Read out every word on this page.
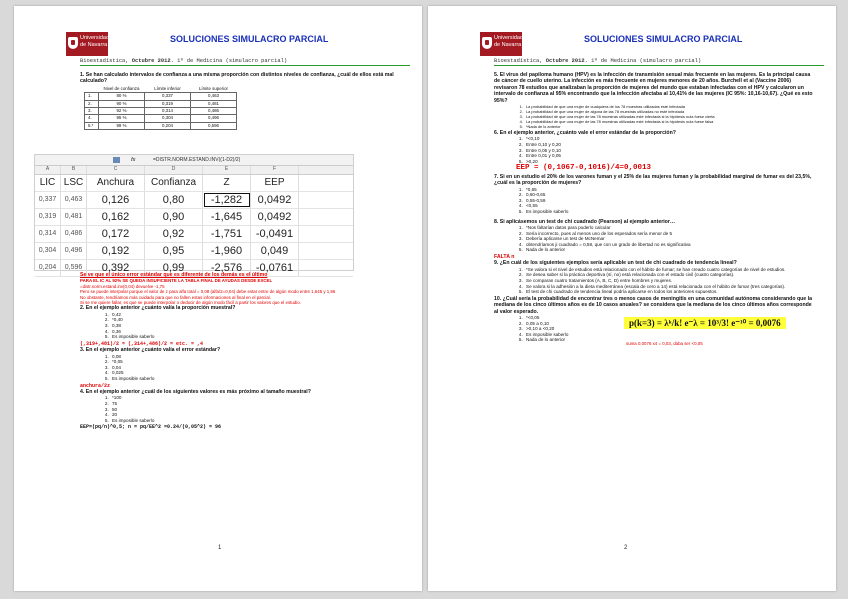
Universidad
de Navarra
SOLUCIONES SIMULACRO PARCIAL
Bioestadística, Octubre 2012. 1º de Medicina (simulacro parcial)
1. Se han calculado intervalos de confianza a una misma proporción con distintos niveles de confianza, ¿cuál de ellos está mal calculado?
	Nivel de confianza	Límite inferior	Límite superior
1.	80 %	0,337	0,463
2.	90 %	0,319	0,481
3.	92 %	0,314	0,486
4.	95 %	0,304	0,496
5.*	99 %	0,204	0,596
fx	=DISTR.NORM.ESTAND.INV((1-D2)/2)
A	B	C	D	E	F
LIC LSC	Anchura	Confianza	Z	EEP
0,337	0,463	0,126	0,80	-1,282	0,0492
0,319	0,481	0,162	0,90	-1,645	0,0492
0,314	0,486	0,172	0,92	-1,751	-0,0491
0,304	0,496	0,192	0,95	-1,960	0,049
0,204	0,596	0,392	0,99	-2,576	-0,0761
Se ve que el único error estándar que es diferente de los demás es el último
PARA EL IC AL 92% SE QUEDA INSUFICIENTE LA TABLA FINAL DE AYUDAS DESDE EXCEL
=distr.norm.estand.inv(0,04) devuelve -1,75
Pero se puede interpolar porque el valor de z para alfa total = 0,08 (alfa/2=0,04) debe estar entre de algún modo entre 1,645 y 1,96
No obstante, tendríamos más cuidado para que no fallen estas informaciones al final en el parcial.
Si se me quiere fallar, es que se puede interpolar o deducir de algún modo fácil a partir los valores que el estudio.
2. En el ejemplo anterior ¿cuánto valía la proporción muestral?
1. 0,42
2. *0,40
3. 0,38
4. 0,36
5. Es imposible saberlo
(,319+,481)/2 = (,314+,486)/2 = etc. = ,4
3. En el ejemplo anterior ¿cuánto valía el error estándar?
1. 0,08
2. *0,05
3. 0,04
4. 0,025
5. Es imposible saberlo
anchura/2z
4. En el ejemplo anterior ¿cuál de los siguientes valores es más próximo al tamaño muestral?
1. *100
2. 75
3. 50
4. 20
5. Es imposible saberlo
EEP=(pq/n)^0,5; n = pq/EE^2 =0.24/(0,05^2) = 96
1
Universidad
de Navarra
SOLUCIONES SIMULACRO PARCIAL
Bioestadística, Octubre 2012. 1º de Medicina (simulacro parcial)
5. El virus del papiloma humano (HPV) es la infección de transmisión sexual más frecuente en las mujeres. Es la principal causa de cáncer de cuello uterino. La infección es más frecuente en mujeres menores de 20 años. Burchell et al (Vaccine 2006) revisaron 78 estudios que analizaban la proporción de mujeres del mundo que estaban infectadas con el HPV y calcularon un intervalo de confianza al 95% encontrando que la infección afectaba al 10,41% de las mujeres (IC 95%: 10,16-10,67). ¿Qué es esto 95%?
1. La probabilidad de que una mujer de cualquiera de los 78 muestras utilizadas esté infectada
2. La probabilidad de que una mujer de alguna de las 78 muestras utilizadas no esté infectada
3. La probabilidad de que una mujer de las 78 muestras utilizadas esté infectada si la hipótesis nula fuese cierta
4. La probabilidad de que una mujer de las 78 muestras utilizadas esté infectada si la hipótesis nula fuese falsa
5. *Nada de lo anterior
6. En el ejemplo anterior, ¿cuánto vale el error estándar de la proporción?
1. *<0,10
2. Entre 0,10 y 0,20
3. Entre 0,05 y 0,10
4. Entre 0,01 y 0,05
5. >0,20
EEP = (0,1067-0,1016)/4=0,0013
7. Si en un estudio el 20% de los varones fuman y el 25% de las mujeres fuman y la probabilidad marginal de fumar es del 23,5%, ¿cuál es la proporción de mujeres?
1. *0,65
2. 0,60-0,65
3. 0,55-0,59
4. <0,55
5. Es imposible saberlo
8. Si aplicásemos un test de chi cuadrado (Pearson) al ejemplo anterior…
1. *Nos faltarían datos para poderlo calcular
2. Sería incorrecto, pues al menos uno de los esperados sería menor de 5
3. Debería aplicarse un test de McNemar
4. obtendríamos ji cuadrado = 0,58, que con un grado de libertad no es significativa
5. Nada de lo anterior
FALTA n
9. ¿En cuál de los siguientes ejemplos sería aplicable un test de chi cuadrado de tendencia lineal?
1. *Se valora si el nivel de estudios está relacionado con el hábito de fumar; se han creado cuatro categorías de nivel de estudios.
2. Se desea saber si la práctica deportiva (sí, no) está relacionada con el estado civil (cuatro categorías).
3. Se comparan cuatro tratamientos (A, B, C, D) entre hombres y mujeres.
4. Se valora si la adhesión a la dieta mediterránea (escala de cero a 14) está relacionada con el hábito de fumar (tres categorías).
5. El test de chi cuadrado de tendencia lineal podría aplicarse en todos los anteriores supuestos.
10. ¿Cuál sería la probabilidad de encontrar tres o menos casos de meningitis en una comunidad autónoma considerando que la mediana de los cinco últimos años es de 10 casos anuales? se considera que la mediana de los cinco últimos años corresponde al valor esperado.
1. *<0,05
2. 0,05 a 0,10
3. >0,10 a <0,20
4. Es imposible saberlo
5. Nada de lo anterior
p(k=3) = λᵏ/k! e⁻λ = 10³/3! e⁻¹⁰ = 0,0076
suma 0,0076 x4 = 0,03, daba ser <0,05
2
